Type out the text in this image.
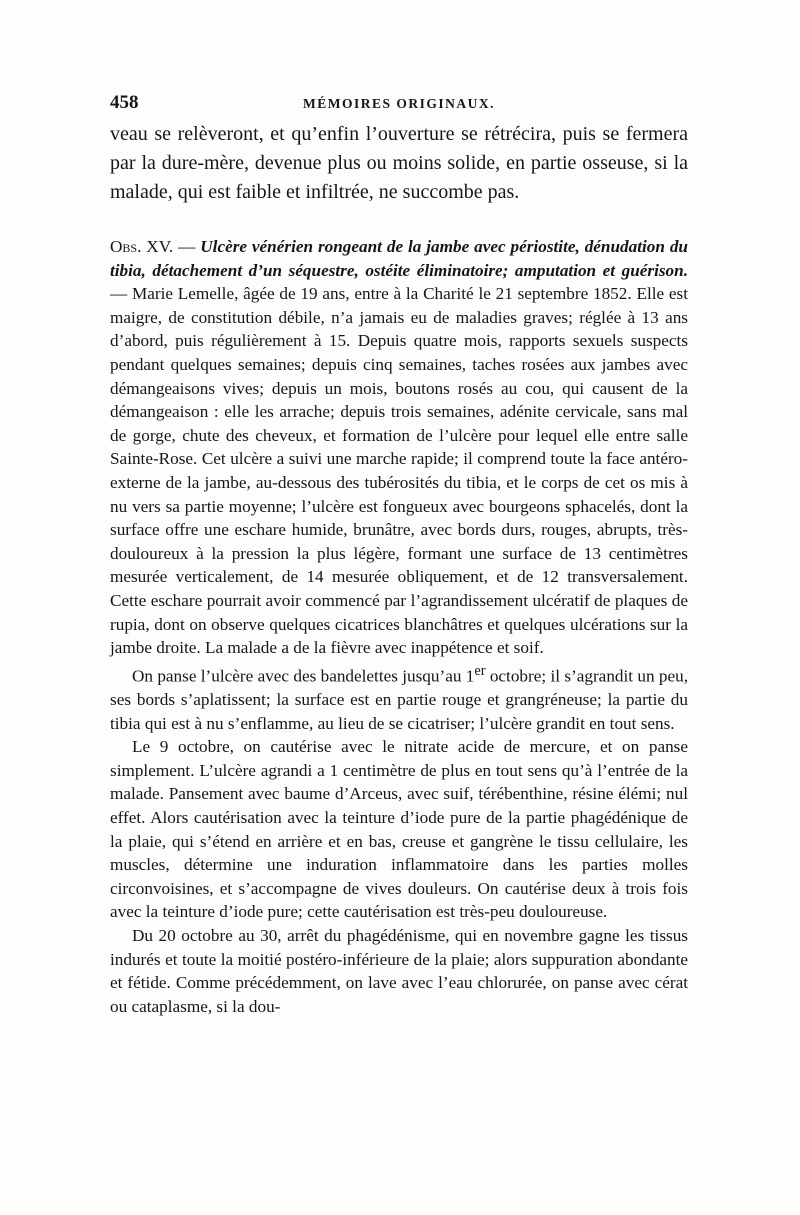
458	MÉMOIRES ORIGINAUX.

veau se relèveront, et qu’enfin l’ouverture se rétrécira, puis se fermera par la dure-mère, devenue plus ou moins solide, en partie osseuse, si la malade, qui est faible et infiltrée, ne succombe pas.

Obs. XV. — Ulcère vénérien rongeant de la jambe avec périostite, dénudation du tibia, détachement d’un séquestre, ostéite éliminatoire; amputation et guérison. — Marie Lemelle, âgée de 19 ans, entre à la Charité le 21 septembre 1852. Elle est maigre, de constitution débile, n’a jamais eu de maladies graves; réglée à 13 ans d’abord, puis régulièrement à 15. Depuis quatre mois, rapports sexuels suspects pendant quelques semaines; depuis cinq semaines, taches rosées aux jambes avec démangeaisons vives; depuis un mois, boutons rosés au cou, qui causent de la démangeaison : elle les arrache; depuis trois semaines, adénite cervicale, sans mal de gorge, chute des cheveux, et formation de l’ulcère pour lequel elle entre salle Sainte-Rose. Cet ulcère a suivi une marche rapide; il comprend toute la face antéro-externe de la jambe, au-dessous des tubérosités du tibia, et le corps de cet os mis à nu vers sa partie moyenne; l’ulcère est fongueux avec bourgeons sphacelés, dont la surface offre une eschare humide, brunâtre, avec bords durs, rouges, abrupts, très-douloureux à la pression la plus légère, formant une surface de 13 centimètres mesurée verticalement, de 14 mesurée obliquement, et de 12 transversalement. Cette eschare pourrait avoir commencé par l’agrandissement ulcératif de plaques de rupia, dont on observe quelques cicatrices blanchâtres et quelques ulcérations sur la jambe droite. La malade a de la fièvre avec inappétence et soif.

On panse l’ulcère avec des bandelettes jusqu’au 1er octobre; il s’agrandit un peu, ses bords s’aplatissent; la surface est en partie rouge et grangréneuse; la partie du tibia qui est à nu s’enflamme, au lieu de se cicatriser; l’ulcère grandit en tout sens.

Le 9 octobre, on cautérise avec le nitrate acide de mercure, et on panse simplement. L’ulcère agrandi a 1 centimètre de plus en tout sens qu’à l’entrée de la malade. Pansement avec baume d’Arceus, avec suif, térébenthine, résine élémi; nul effet. Alors cautérisation avec la teinture d’iode pure de la partie phagédénique de la plaie, qui s’étend en arrière et en bas, creuse et gangrène le tissu cellulaire, les muscles, détermine une induration inflammatoire dans les parties molles circonvoisines, et s’accompagne de vives douleurs. On cautérise deux à trois fois avec la teinture d’iode pure; cette cautérisation est très-peu douloureuse.

Du 20 octobre au 30, arrêt du phagédénisme, qui en novembre gagne les tissus indurés et toute la moitié postéro-inférieure de la plaie; alors suppuration abondante et fétide. Comme précédemment, on lave avec l’eau chlorurée, on panse avec cérat ou cataplasme, si la dou-
